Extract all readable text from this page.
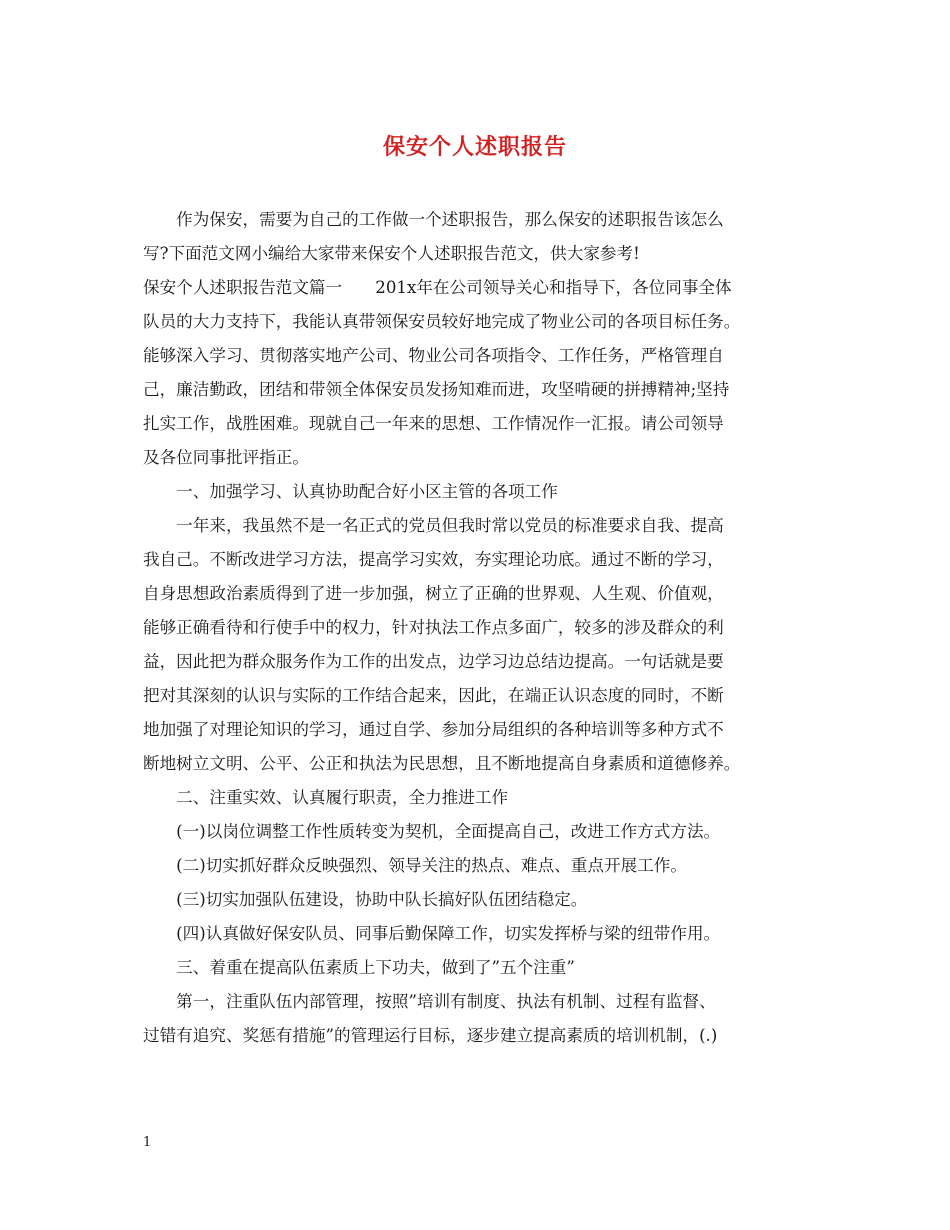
保安个人述职报告

　　作为保安，需要为自己的工作做一个述职报告，那么保安的述职报告该怎么

写?下面范文网小编给大家带来保安个人述职报告范文，供大家参考!

保安个人述职报告范文篇一　　201x年在公司领导关心和指导下，各位同事全体

队员的大力支持下，我能认真带领保安员较好地完成了物业公司的各项目标任务。

能够深入学习、贯彻落实地产公司、物业公司各项指令、工作任务，严格管理自

己，廉洁勤政，团结和带领全体保安员发扬知难而进，攻坚啃硬的拼搏精神;坚持

扎实工作，战胜困难。现就自己一年来的思想、工作情况作一汇报。请公司领导

及各位同事批评指正。

　　一、加强学习、认真协助配合好小区主管的各项工作

　　一年来，我虽然不是一名正式的党员但我时常以党员的标准要求自我、提高

我自己。不断改进学习方法，提高学习实效，夯实理论功底。通过不断的学习，

自身思想政治素质得到了进一步加强，树立了正确的世界观、人生观、价值观，

能够正确看待和行使手中的权力，针对执法工作点多面广，较多的涉及群众的利

益，因此把为群众服务作为工作的出发点，边学习边总结边提高。一句话就是要

把对其深刻的认识与实际的工作结合起来，因此，在端正认识态度的同时，不断

地加强了对理论知识的学习，通过自学、参加分局组织的各种培训等多种方式不

断地树立文明、公平、公正和执法为民思想，且不断地提高自身素质和道德修养。

　　二、注重实效、认真履行职责，全力推进工作

　　(一)以岗位调整工作性质转变为契机，全面提高自己，改进工作方式方法。

　　(二)切实抓好群众反映强烈、领导关注的热点、难点、重点开展工作。

　　(三)切实加强队伍建设，协助中队长搞好队伍团结稳定。

　　(四)认真做好保安队员、同事后勤保障工作，切实发挥桥与梁的纽带作用。

　　三、着重在提高队伍素质上下功夫，做到了”五个注重”

　　第一，注重队伍内部管理，按照”培训有制度、执法有机制、过程有监督、

过错有追究、奖惩有措施”的管理运行目标，逐步建立提高素质的培训机制，(.)

1
